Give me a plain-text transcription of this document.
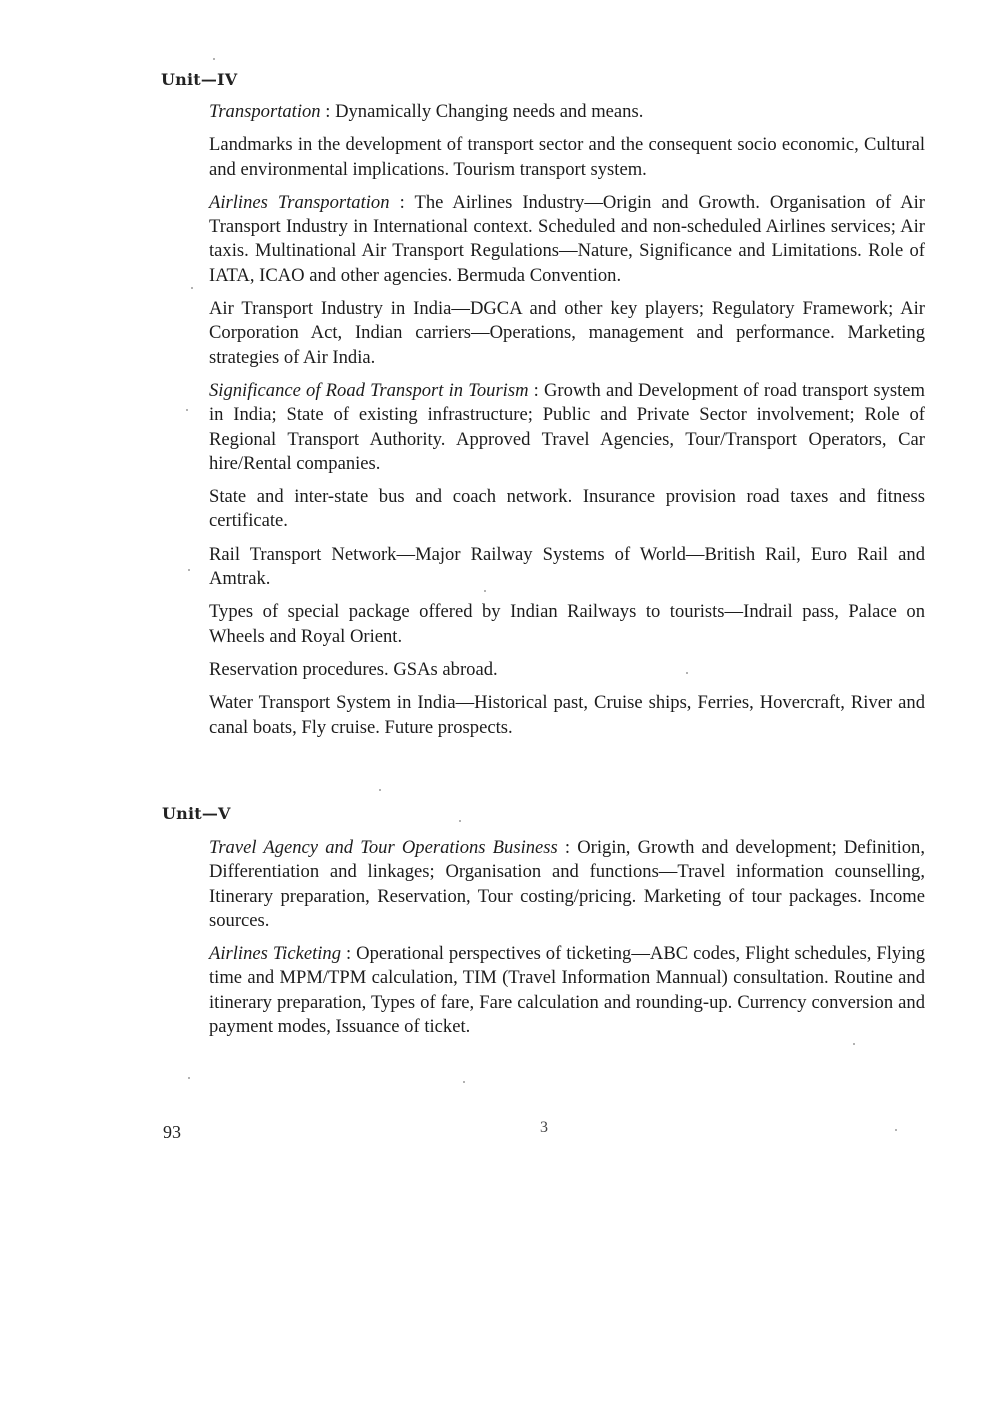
Unit—IV

Transportation : Dynamically Changing needs and means.

Landmarks in the development of transport sector and the consequent socio economic, Cultural and environmental implications. Tourism transport system.

Airlines Transportation : The Airlines Industry—Origin and Growth. Organisation of Air Transport Industry in International context. Scheduled and non-scheduled Airlines services; Air taxis. Multinational Air Transport Regulations—Nature, Significance and Limitations. Role of IATA, ICAO and other agencies. Bermuda Convention.

Air Transport Industry in India—DGCA and other key players; Regulatory Framework; Air Corporation Act, Indian carriers—Operations, management and performance. Marketing strategies of Air India.

Significance of Road Transport in Tourism : Growth and Development of road transport system in India; State of existing infrastructure; Public and Private Sector involvement; Role of Regional Transport Authority. Approved Travel Agencies, Tour/Transport Operators, Car hire/Rental companies.

State and inter-state bus and coach network. Insurance provision road taxes and fitness certificate.

Rail Transport Network—Major Railway Systems of World—British Rail, Euro Rail and Amtrak.

Types of special package offered by Indian Railways to tourists—Indrail pass, Palace on Wheels and Royal Orient.

Reservation procedures. GSAs abroad.

Water Transport System in India—Historical past, Cruise ships, Ferries, Hovercraft, River and canal boats, Fly cruise. Future prospects.

Unit—V

Travel Agency and Tour Operations Business : Origin, Growth and development; Definition, Differentiation and linkages; Organisation and functions—Travel information counselling, Itinerary preparation, Reservation, Tour costing/pricing. Marketing of tour packages. Income sources.

Airlines Ticketing : Operational perspectives of ticketing—ABC codes, Flight schedules, Flying time and MPM/TPM calculation, TIM (Travel Information Mannual) consultation. Routine and itinerary preparation, Types of fare, Fare calculation and rounding-up. Currency conversion and payment modes, Issuance of ticket.

93	3
